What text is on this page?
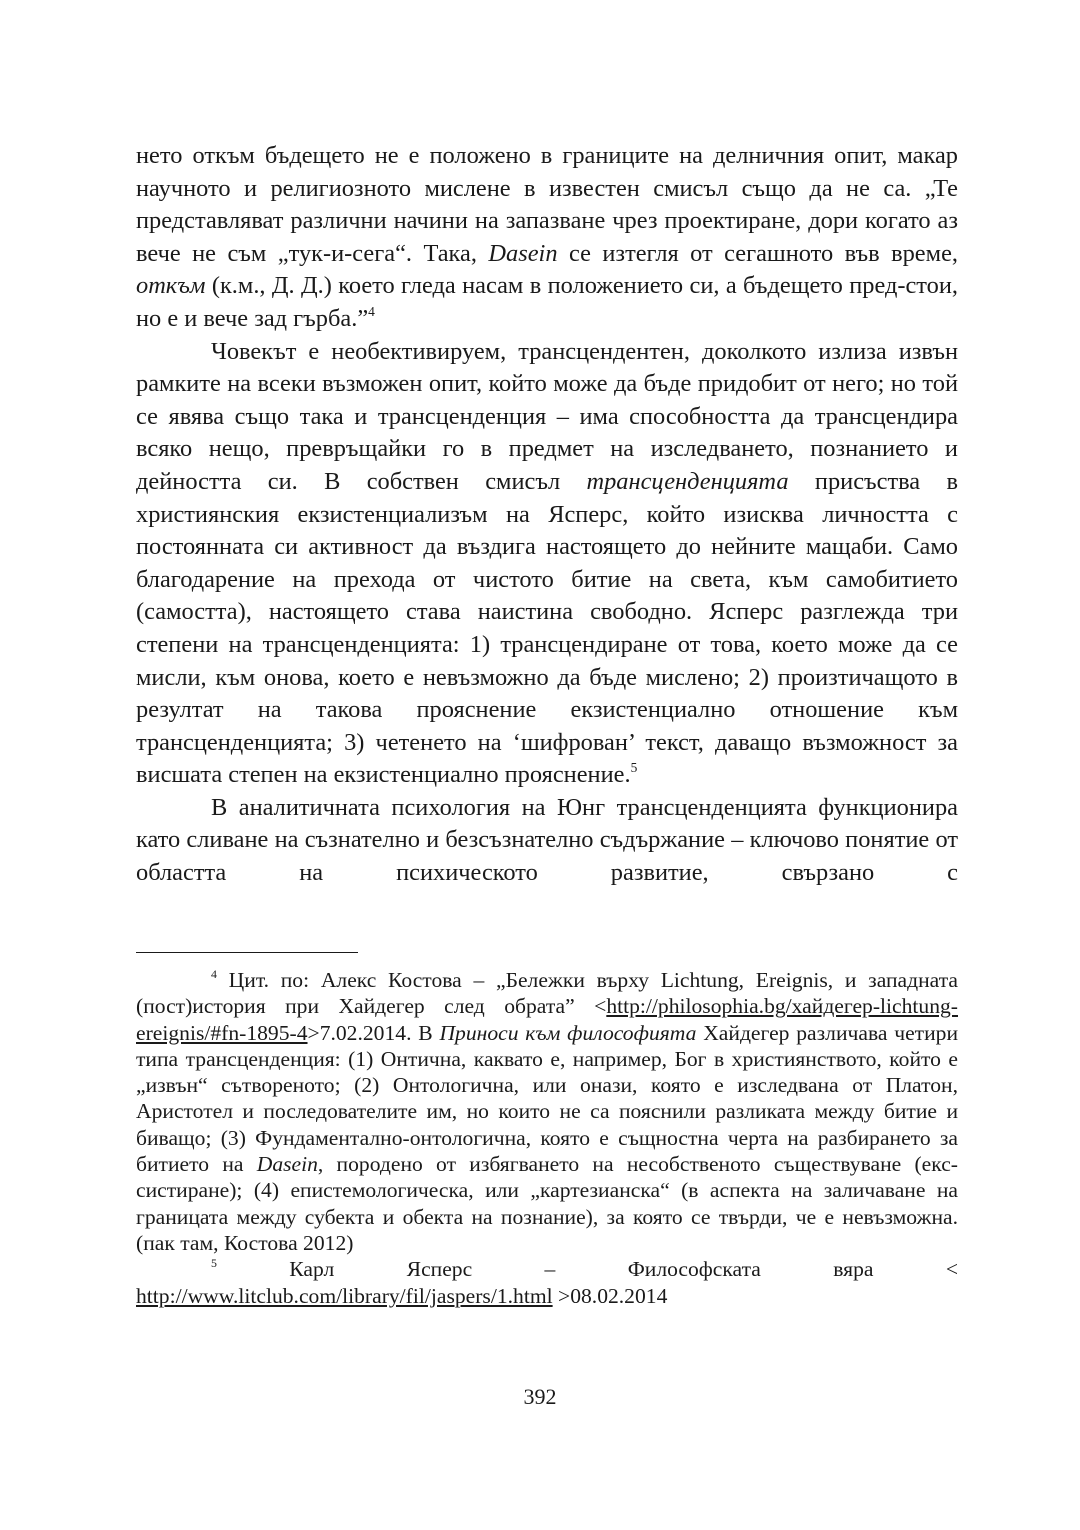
нето откъм бъдещето не е положено в границите на делничния опит, макар научното и религиозното мислене в известен смисъл също да не са. „Те представляват различни начини на запазване чрез проектиране, дори когато аз вече не съм „тук-и-сега“. Така, Dasein се изтегля от сегашното във време, откъм (к.м., Д. Д.) което гледа насам в положението си, а бъдещето пред-стои, но е и вече зад гърба.”$^4$

Човекът е необективируем, трансцендентен, доколкото излиза извън рамките на всеки възможен опит, който може да бъде придобит от него; но той се явява също така и трансценденция – има способността да трансцендира всяко нещо, превръщайки го в предмет на изследването, познанието и дейността си. В собствен смисъл трансценденцията присъства в християнския екзистенциализъм на Ясперс, който изисква личността с постоянната си активност да въздига настоящето до нейните мащаби. Само благодарение на прехода от чистото битие на света, към самобитието (самостта), настоящето става наистина свободно. Ясперс разглежда три степени на трансценденцията: 1) трансцендиране от това, което може да се мисли, към онова, което е невъзможно да бъде мислено; 2) произтичащото в резултат на такова прояснение екзистенциално отношение към трансценденцията; 3) четенето на ‘шифрован’ текст, даващо възможност за висшата степен на екзистенциално прояснение.$^5$

В аналитичната психология на Юнг трансценденцията функционира като сливане на съзнателно и безсъзнателно съдържание – ключово понятие от областта на психическото развитие, свързано с

$^4$ Цит. по: Алекс Костова – „Бележки върху Lichtung, Ereignis, и западната (пост)история при Хайдегер след обрата” <http://philosophia.bg/хайдегер-lichtung-ereignis/#fn-1895-4>7.02.2014. В Приноси към философията Хайдегер различава четири типа трансценденция: (1) Онтична, каквато е, например, Бог в християнството, който е „извън“ сътвореното; (2) Онтологична, или онази, която е изследвана от Платон, Аристотел и последователите им, но които не са пояснили разликата между битие и биващо; (3) Фундаментално-онтологична, която е същностна черта на разбирането за битието на Dasein, породено от избягването на несобственото съществуване (екс-систиране); (4) епистемологическа, или „картезианска“ (в аспекта на заличаване на границата между субекта и обекта на познание), за която се твърди, че е невъзможна. (пак там, Костова 2012)

$^5$ Карл Ясперс – Философската вяра < http://www.litclub.com/library/fil/jaspers/1.html >08.02.2014

392
